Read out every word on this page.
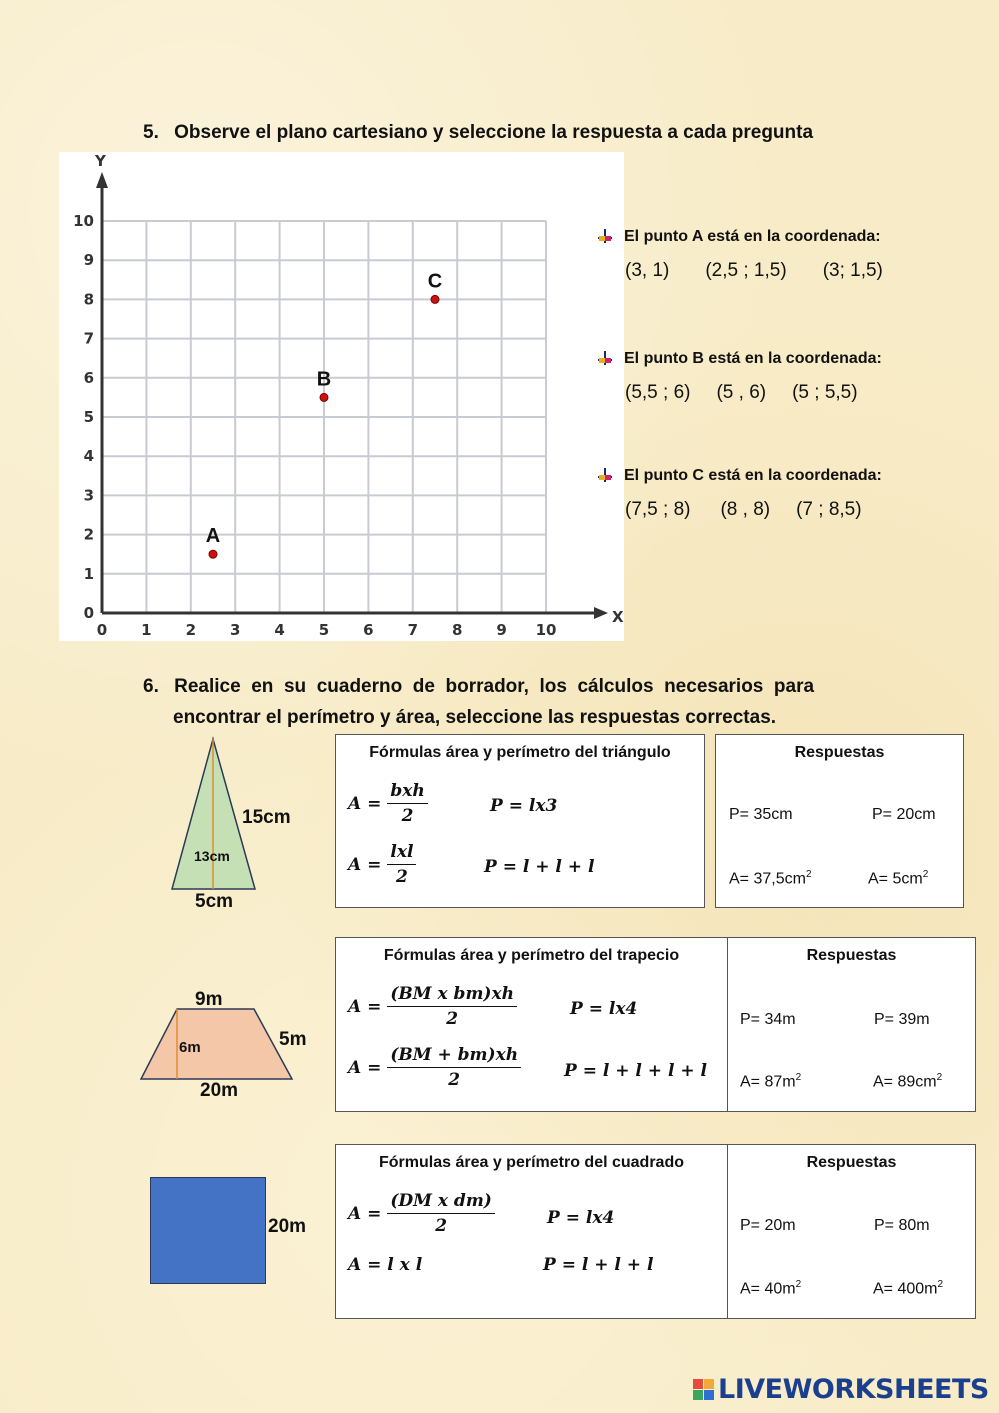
5. Observe el plano cartesiano y seleccione la respuesta a cada pregunta
X
Y
0 1 2 3 4 5 6 7 8 9 10
0
1
2
3
4
5
6
7
8
9
10
A
B
C
El punto A está en la coordenada:
(3, 1) (2,5 ; 1,5) (3; 1,5)
El punto B está en la coordenada:
(5,5 ; 6) (5 , 6) (5 ; 5,5)
El punto C está en la coordenada:
(7,5 ; 8) (8 , 8) (7 ; 8,5)
6. Realice  en  su  cuaderno  de  borrador,  los  cálculos  necesarios  para
encontrar el perímetro y área, seleccione las respuestas correctas.
15cm
13cm
5cm
Fórmulas área y perímetro del triángulo
$A = \frac{\text{bxh}}{2}$	P = lx3
$A = \frac{\text{lxl}}{2}$	P = l + l + l
Respuestas
P= 35cm	P= 20cm
$A= 37,5cm^2$	$A= 5cm^2$
9m
6m	5m
20m
Fórmulas área y perímetro del trapecio
$A = \frac{\text{(BM x bm)xh}}{2}$	P = lx4
$A = \frac{(BM + bm)xh}{2}$	P = l + l + l + l
Respuestas
P= 34m	P= 39m
$A= 87m^2$	$A= 89cm^2$
20m
Fórmulas área y perímetro del cuadrado
$A = \frac{\text{(DM x dm)}}{2}$	P = lx4
A = l x l	P = l + l + l
Respuestas
P= 20m	P= 80m
$A= 40m^2$	$A= 400m^2$
LIVEWORKSHEETS
